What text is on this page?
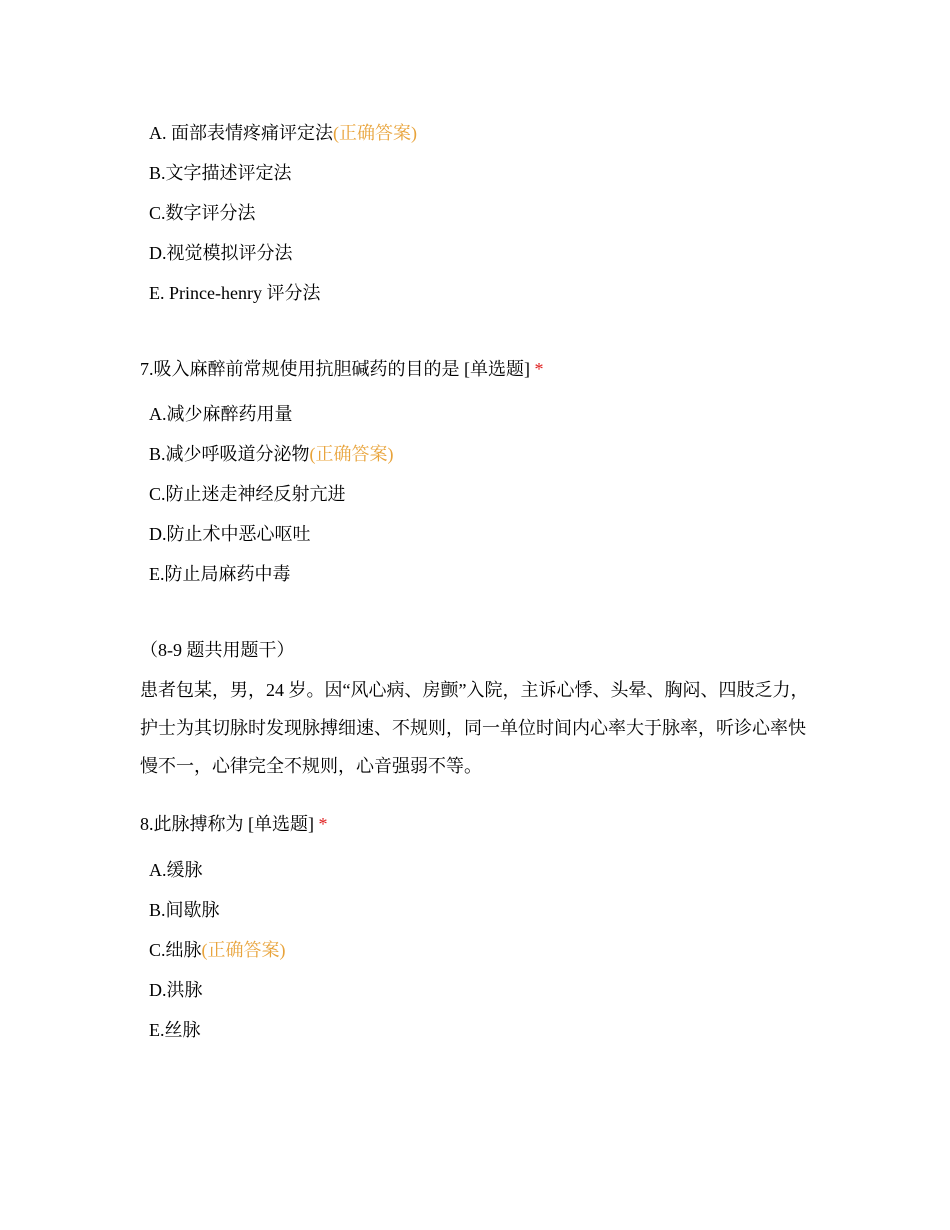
A. 面部表情疼痛评定法(正确答案)
B.文字描述评定法
C.数字评分法
D.视觉模拟评分法
E. Prince-henry 评分法
7.吸入麻醉前常规使用抗胆碱药的目的是 [单选题] *
A.减少麻醉药用量
B.减少呼吸道分泌物(正确答案)
C.防止迷走神经反射亢进
D.防止术中恶心呕吐
E.防止局麻药中毒
（8-9 题共用题干）
患者包某，男，24 岁。因“风心病、房颤”入院，主诉心悸、头晕、胸闷、四肢乏力，护士为其切脉时发现脉搏细速、不规则，同一单位时间内心率大于脉率，听诊心率快慢不一，心律完全不规则，心音强弱不等。
8.此脉搏称为 [单选题] *
A.缓脉
B.间歇脉
C.绌脉(正确答案)
D.洪脉
E.丝脉
